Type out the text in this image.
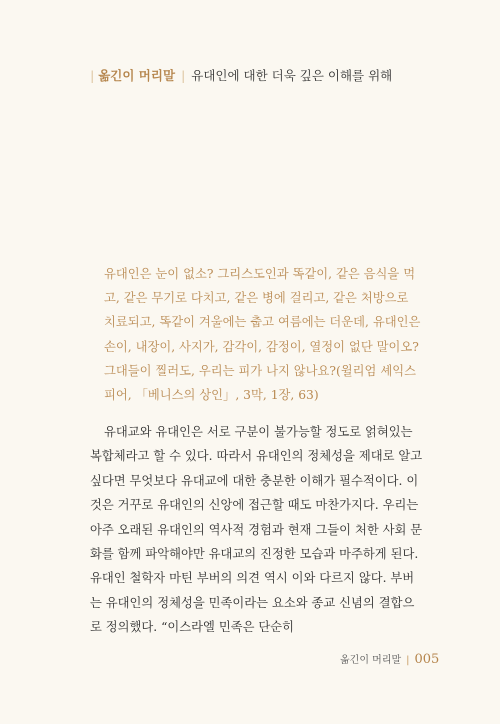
| 옮긴이 머리말 | 유대인에 대한 더욱 깊은 이해를 위해

유대인은 눈이 없소? 그리스도인과 똑같이, 같은 음식을 먹고, 같은 무기로 다치고, 같은 병에 걸리고, 같은 처방으로 치료되고, 똑같이 겨울에는 춥고 여름에는 더운데, 유대인은 손이, 내장이, 사지가, 감각이, 감정이, 열정이 없단 말이오? 그대들이 찔러도, 우리는 피가 나지 않나요?(윌리엄 셰익스피어, 「베니스의 상인」, 3막, 1장, 63)

유대교와 유대인은 서로 구분이 불가능할 정도로 얽혀있는 복합체라고 할 수 있다. 따라서 유대인의 정체성을 제대로 알고 싶다면 무엇보다 유대교에 대한 충분한 이해가 필수적이다. 이것은 거꾸로 유대인의 신앙에 접근할 때도 마찬가지다. 우리는 아주 오래된 유대인의 역사적 경험과 현재 그들이 처한 사회 문화를 함께 파악해야만 유대교의 진정한 모습과 마주하게 된다. 유대인 철학자 마틴 부버의 의견 역시 이와 다르지 않다. 부버는 유대인의 정체성을 민족이라는 요소와 종교 신념의 결합으로 정의했다. “이스라엘 민족은 단순히

옮긴이 머리말 | 005
